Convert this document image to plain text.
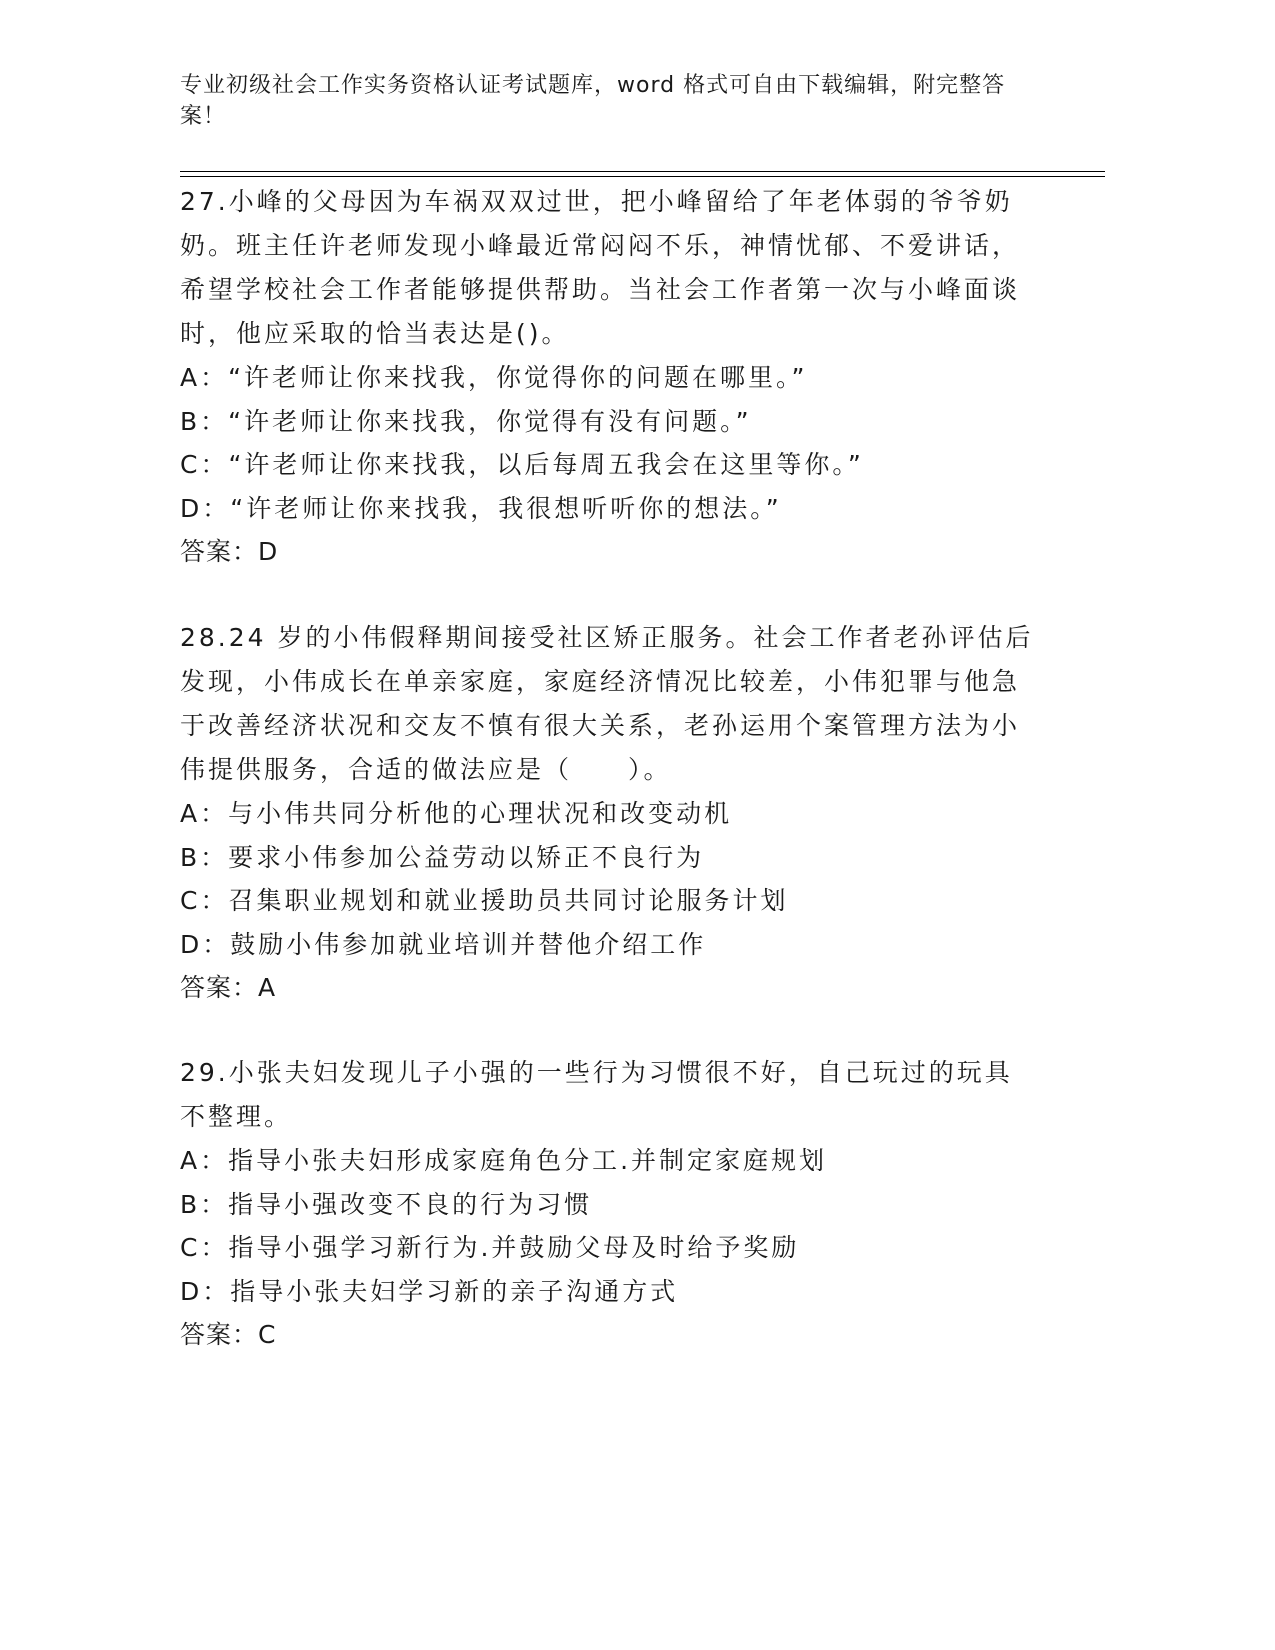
专业初级社会工作实务资格认证考试题库，word 格式可自由下载编辑，附完整答案！

27.小峰的父母因为车祸双双过世，把小峰留给了年老体弱的爷爷奶奶。班主任许老师发现小峰最近常闷闷不乐，神情忧郁、不爱讲话，希望学校社会工作者能够提供帮助。当社会工作者第一次与小峰面谈时，他应采取的恰当表达是()。

A：“许老师让你来找我，你觉得你的问题在哪里。”

B：“许老师让你来找我，你觉得有没有问题。”

C：“许老师让你来找我，以后每周五我会在这里等你。”

D：“许老师让你来找我，我很想听听你的想法。”

答案：D

28.24 岁的小伟假释期间接受社区矫正服务。社会工作者老孙评估后发现，小伟成长在单亲家庭，家庭经济情况比较差，小伟犯罪与他急于改善经济状况和交友不慎有很大关系，老孙运用个案管理方法为小伟提供服务，合适的做法应是（　　）。

A：与小伟共同分析他的心理状况和改变动机

B：要求小伟参加公益劳动以矫正不良行为

C：召集职业规划和就业援助员共同讨论服务计划

D：鼓励小伟参加就业培训并替他介绍工作

答案：A

29.小张夫妇发现儿子小强的一些行为习惯很不好，自己玩过的玩具不整理。

A：指导小张夫妇形成家庭角色分工.并制定家庭规划

B：指导小强改变不良的行为习惯

C：指导小强学习新行为.并鼓励父母及时给予奖励

D：指导小张夫妇学习新的亲子沟通方式

答案：C
